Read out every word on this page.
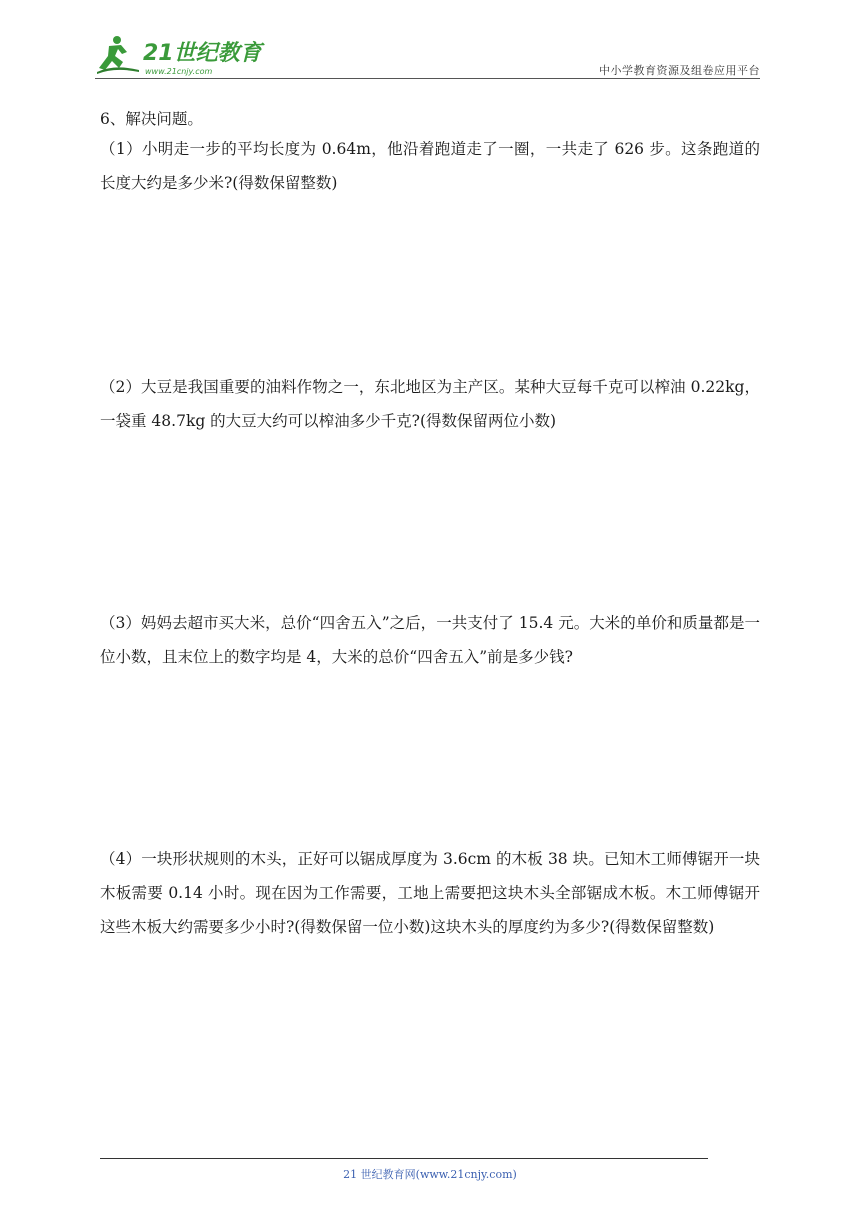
21世纪教育
www.21cnjy.com	中小学教育资源及组卷应用平台

6、解决问题。

（1）小明走一步的平均长度为 0.64m，他沿着跑道走了一圈，一共走了 626 步。这条跑道的长度大约是多少米?(得数保留整数)

（2）大豆是我国重要的油料作物之一，东北地区为主产区。某种大豆每千克可以榨油 0.22kg，一袋重 48.7kg 的大豆大约可以榨油多少千克?(得数保留两位小数)

（3）妈妈去超市买大米，总价“四舍五入”之后，一共支付了 15.4 元。大米的单价和质量都是一位小数，且末位上的数字均是 4，大米的总价“四舍五入”前是多少钱?

（4）一块形状规则的木头，正好可以锯成厚度为 3.6cm 的木板 38 块。已知木工师傅锯开一块木板需要 0.14 小时。现在因为工作需要，工地上需要把这块木头全部锯成木板。木工师傅锯开这些木板大约需要多少小时?(得数保留一位小数)这块木头的厚度约为多少?(得数保留整数)

21 世纪教育网(www.21cnjy.com)
